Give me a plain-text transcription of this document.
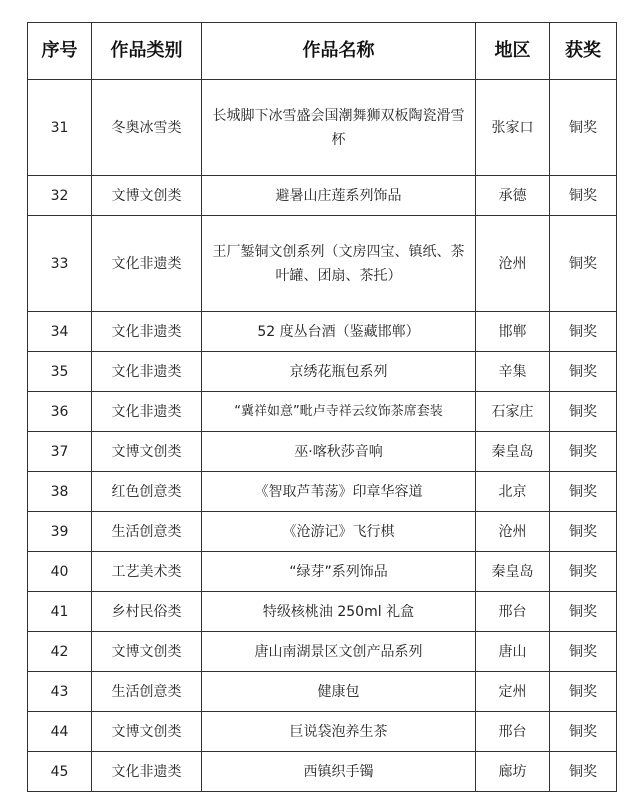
序号	作品类别	作品名称	地区	获奖
31	冬奥冰雪类	长城脚下冰雪盛会国潮舞狮双板陶瓷滑雪杯	张家口	铜奖
32	文博文创类	避暑山庄莲系列饰品	承德	铜奖
33	文化非遗类	王厂錾铜文创系列（文房四宝、镇纸、茶叶罐、团扇、茶托）	沧州	铜奖
34	文化非遗类	52 度丛台酒（鉴藏邯郸）	邯郸	铜奖
35	文化非遗类	京绣花瓶包系列	辛集	铜奖
36	文化非遗类	“冀祥如意”毗卢寺祥云纹饰茶席套装	石家庄	铜奖
37	文博文创类	巫·喀秋莎音响	秦皇岛	铜奖
38	红色创意类	《智取芦苇荡》印章华容道	北京	铜奖
39	生活创意类	《沧游记》飞行棋	沧州	铜奖
40	工艺美术类	“绿芽”系列饰品	秦皇岛	铜奖
41	乡村民俗类	特级核桃油 250ml 礼盒	邢台	铜奖
42	文博文创类	唐山南湖景区文创产品系列	唐山	铜奖
43	生活创意类	健康包	定州	铜奖
44	文博文创类	巨说袋泡养生茶	邢台	铜奖
45	文化非遗类	西镇织手镯	廊坊	铜奖
